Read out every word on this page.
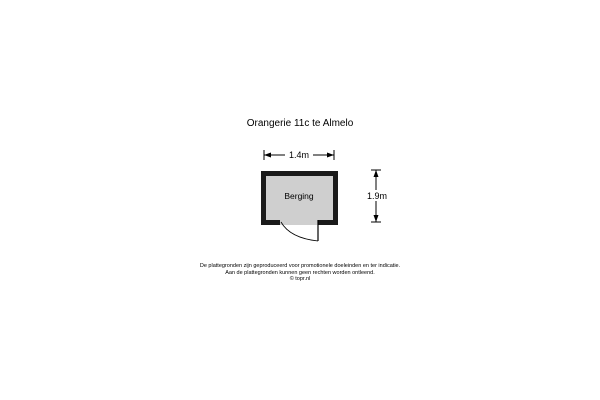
Orangerie 11c te Almelo
1.4m
1.9m
Berging
De plattegronden zijn geproduceerd voor promotionele doeleinden en ter indicatie.
Aan de plattegronden kunnen geen rechten worden ontleend.
© topr.nl
